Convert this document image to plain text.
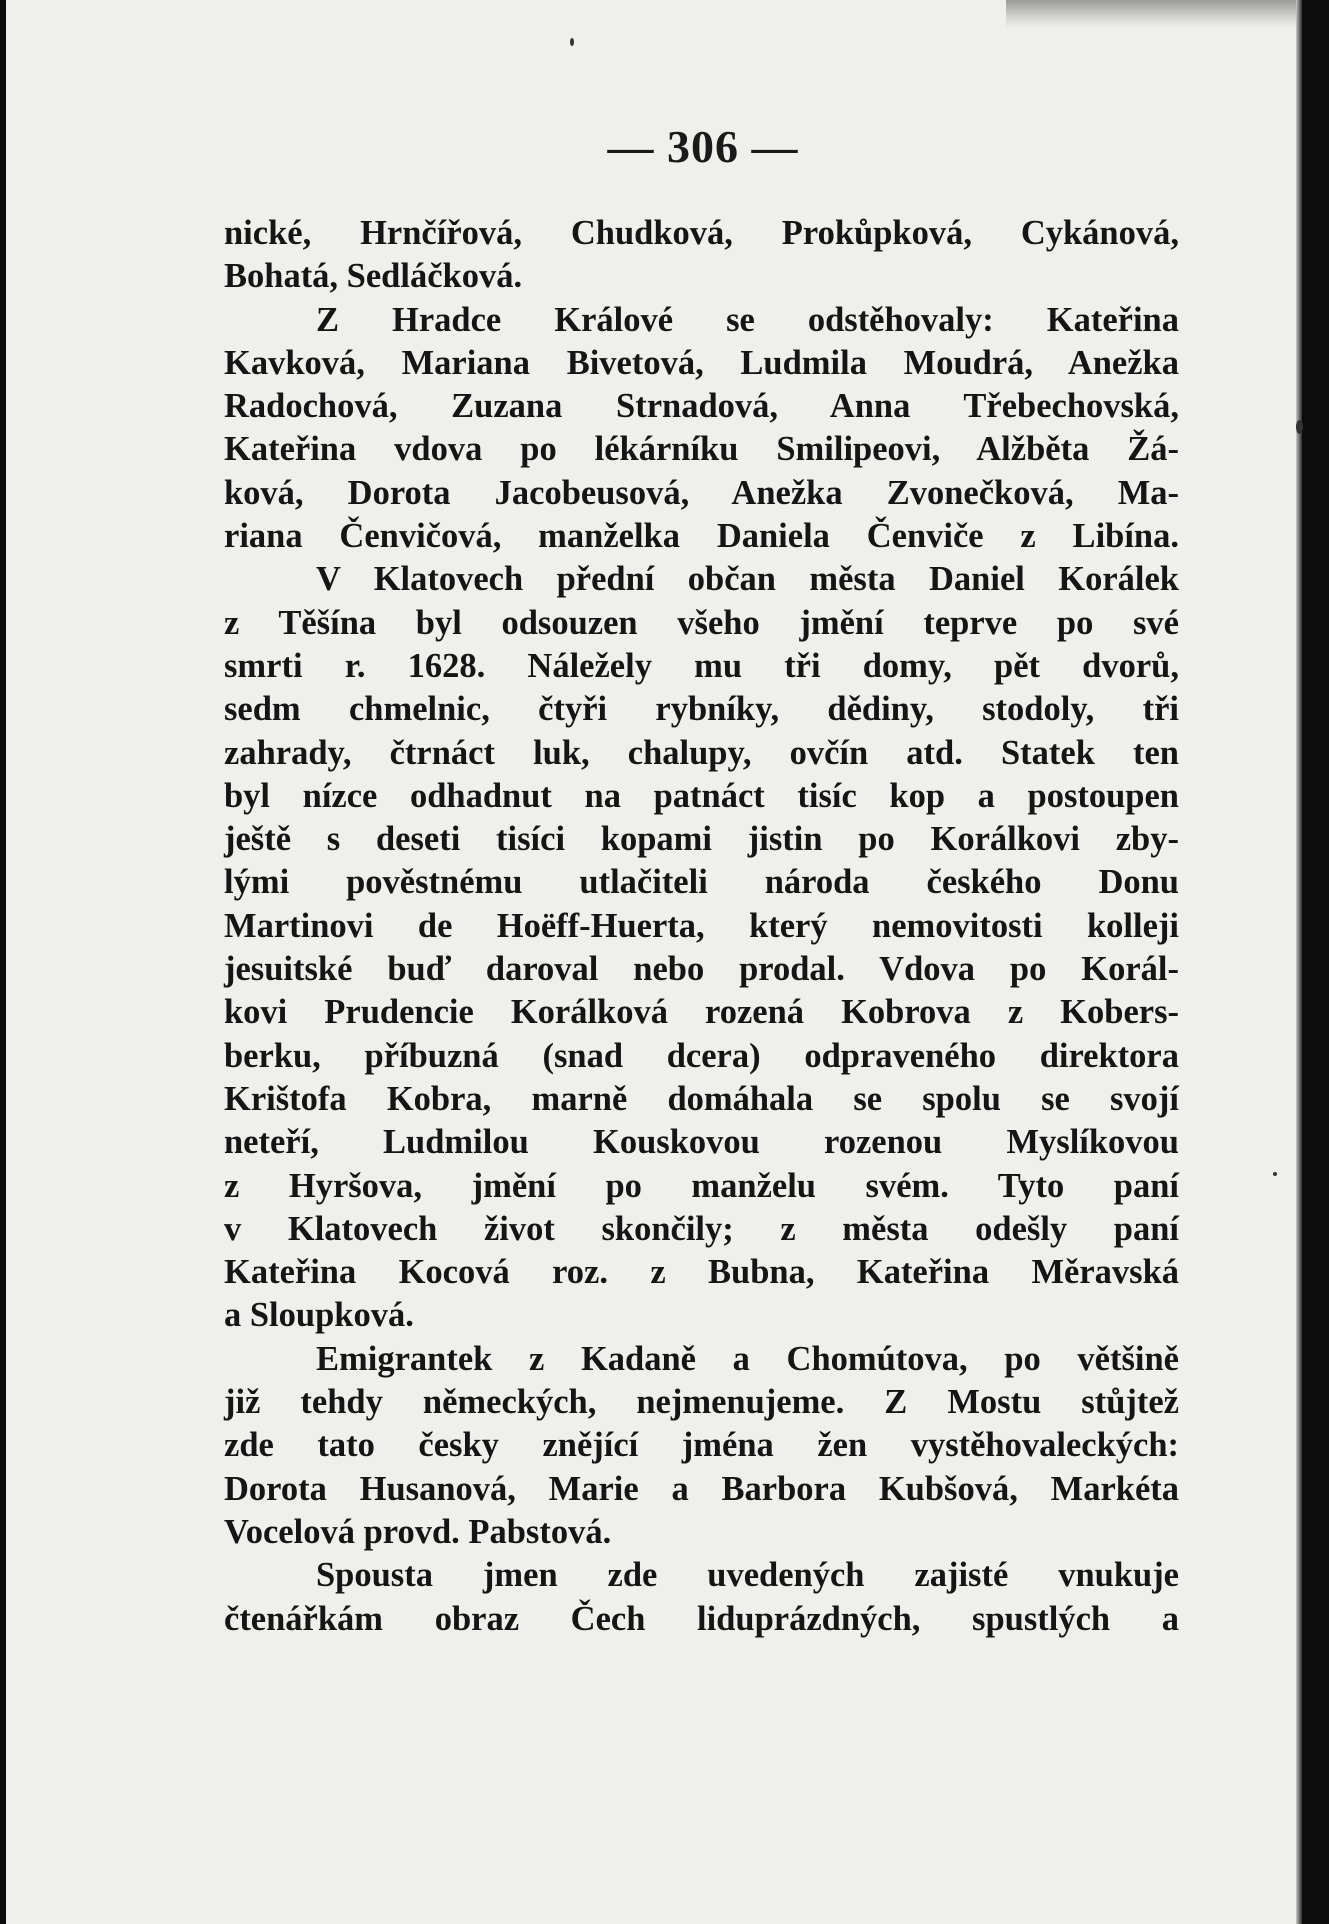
— 306 —
nické, Hrnčířová, Chudková, Prokůpková, Cykánová,
Bohatá, Sedláčková.
Z Hradce Králové se odstěhovaly: Kateřina
Kavková, Mariana Bivetová, Ludmila Moudrá, Anežka
Radochová, Zuzana Strnadová, Anna Třebechovská,
Kateřina vdova po lékárníku Smilipeovi, Alžběta Žá-
ková, Dorota Jacobeusová, Anežka Zvonečková, Ma-
riana Čenvičová, manželka Daniela Čenviče z Libína.
V Klatovech přední občan města Daniel Korálek
z Těšína byl odsouzen všeho jmění teprve po své
smrti r. 1628. Náležely mu tři domy, pět dvorů,
sedm chmelnic, čtyři rybníky, dědiny, stodoly, tři
zahrady, čtrnáct luk, chalupy, ovčín atd. Statek ten
byl nízce odhadnut na patnáct tisíc kop a postoupen
ještě s deseti tisíci kopami jistin po Korálkovi zby-
lými pověstnému utlačiteli národa českého Donu
Martinovi de Hoëff-Huerta, který nemovitosti kolleji
jesuitské buď daroval nebo prodal. Vdova po Korál-
kovi Prudencie Korálková rozená Kobrova z Kobers-
berku, příbuzná (snad dcera) odpraveného direktora
Krištofa Kobra, marně domáhala se spolu se svojí
neteří, Ludmilou Kouskovou rozenou Myslíkovou
z Hyršova, jmění po manželu svém. Tyto paní
v Klatovech život skončily; z města odešly paní
Kateřina Kocová roz. z Bubna, Kateřina Měravská
a Sloupková.
Emigrantek z Kadaně a Chomútova, po většině
již tehdy německých, nejmenujeme. Z Mostu stůjtež
zde tato česky znějící jména žen vystěhovaleckých:
Dorota Husanová, Marie a Barbora Kubšová, Markéta
Vocelová provd. Pabstová.
Spousta jmen zde uvedených zajisté vnukuje
čtenářkám obraz Čech liduprázdných, spustlých a
